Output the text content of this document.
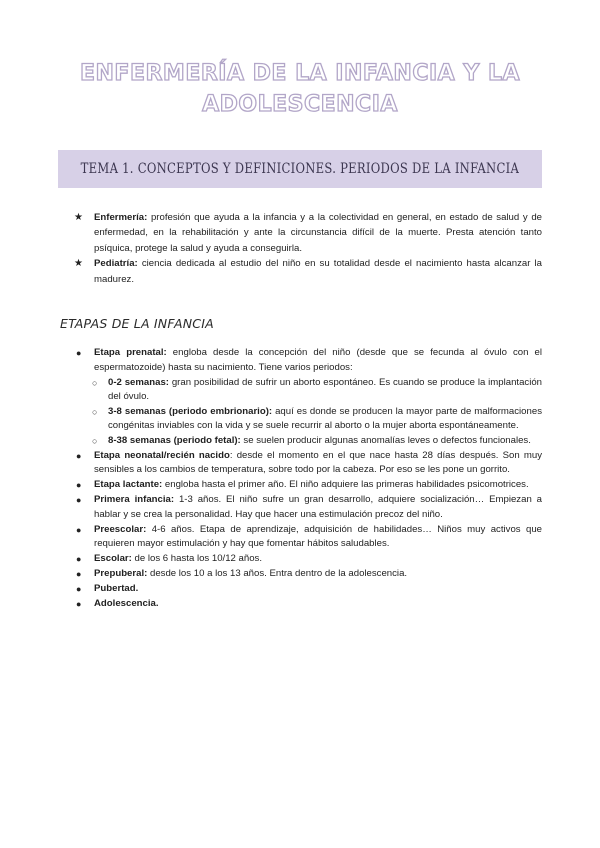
ENFERMERÍA DE LA INFANCIA Y LA
ADOLESCENCIA
TEMA 1. CONCEPTOS Y DEFINICIONES. PERIODOS DE LA INFANCIA
★ Enfermería: profesión que ayuda a la infancia y a la colectividad en general, en estado de salud y de enfermedad, en la rehabilitación y ante la circunstancia difícil de la muerte. Presta atención tanto psíquica, protege la salud y ayuda a conseguirla.
★ Pediatría: ciencia dedicada al estudio del niño en su totalidad desde el nacimiento hasta alcanzar la madurez.
ETAPAS DE LA INFANCIA
● Etapa prenatal: engloba desde la concepción del niño (desde que se fecunda al óvulo con el espermatozoide) hasta su nacimiento. Tiene varios periodos:
○ 0-2 semanas: gran posibilidad de sufrir un aborto espontáneo. Es cuando se produce la implantación del óvulo.
○ 3-8 semanas (periodo embrionario): aquí es donde se producen la mayor parte de malformaciones congénitas inviables con la vida y se suele recurrir al aborto o la mujer aborta espontáneamente.
○ 8-38 semanas (periodo fetal): se suelen producir algunas anomalías leves o defectos funcionales.
● Etapa neonatal/recién nacido: desde el momento en el que nace hasta 28 días después. Son muy sensibles a los cambios de temperatura, sobre todo por la cabeza. Por eso se les pone un gorrito.
● Etapa lactante: engloba hasta el primer año. El niño adquiere las primeras habilidades psicomotrices.
● Primera infancia: 1-3 años. El niño sufre un gran desarrollo, adquiere socialización… Empiezan a hablar y se crea la personalidad. Hay que hacer una estimulación precoz del niño.
● Preescolar: 4-6 años. Etapa de aprendizaje, adquisición de habilidades… Niños muy activos que requieren mayor estimulación y hay que fomentar hábitos saludables.
● Escolar: de los 6 hasta los 10/12 años.
● Prepuberal: desde los 10 a los 13 años. Entra dentro de la adolescencia.
● Pubertad.
● Adolescencia.
